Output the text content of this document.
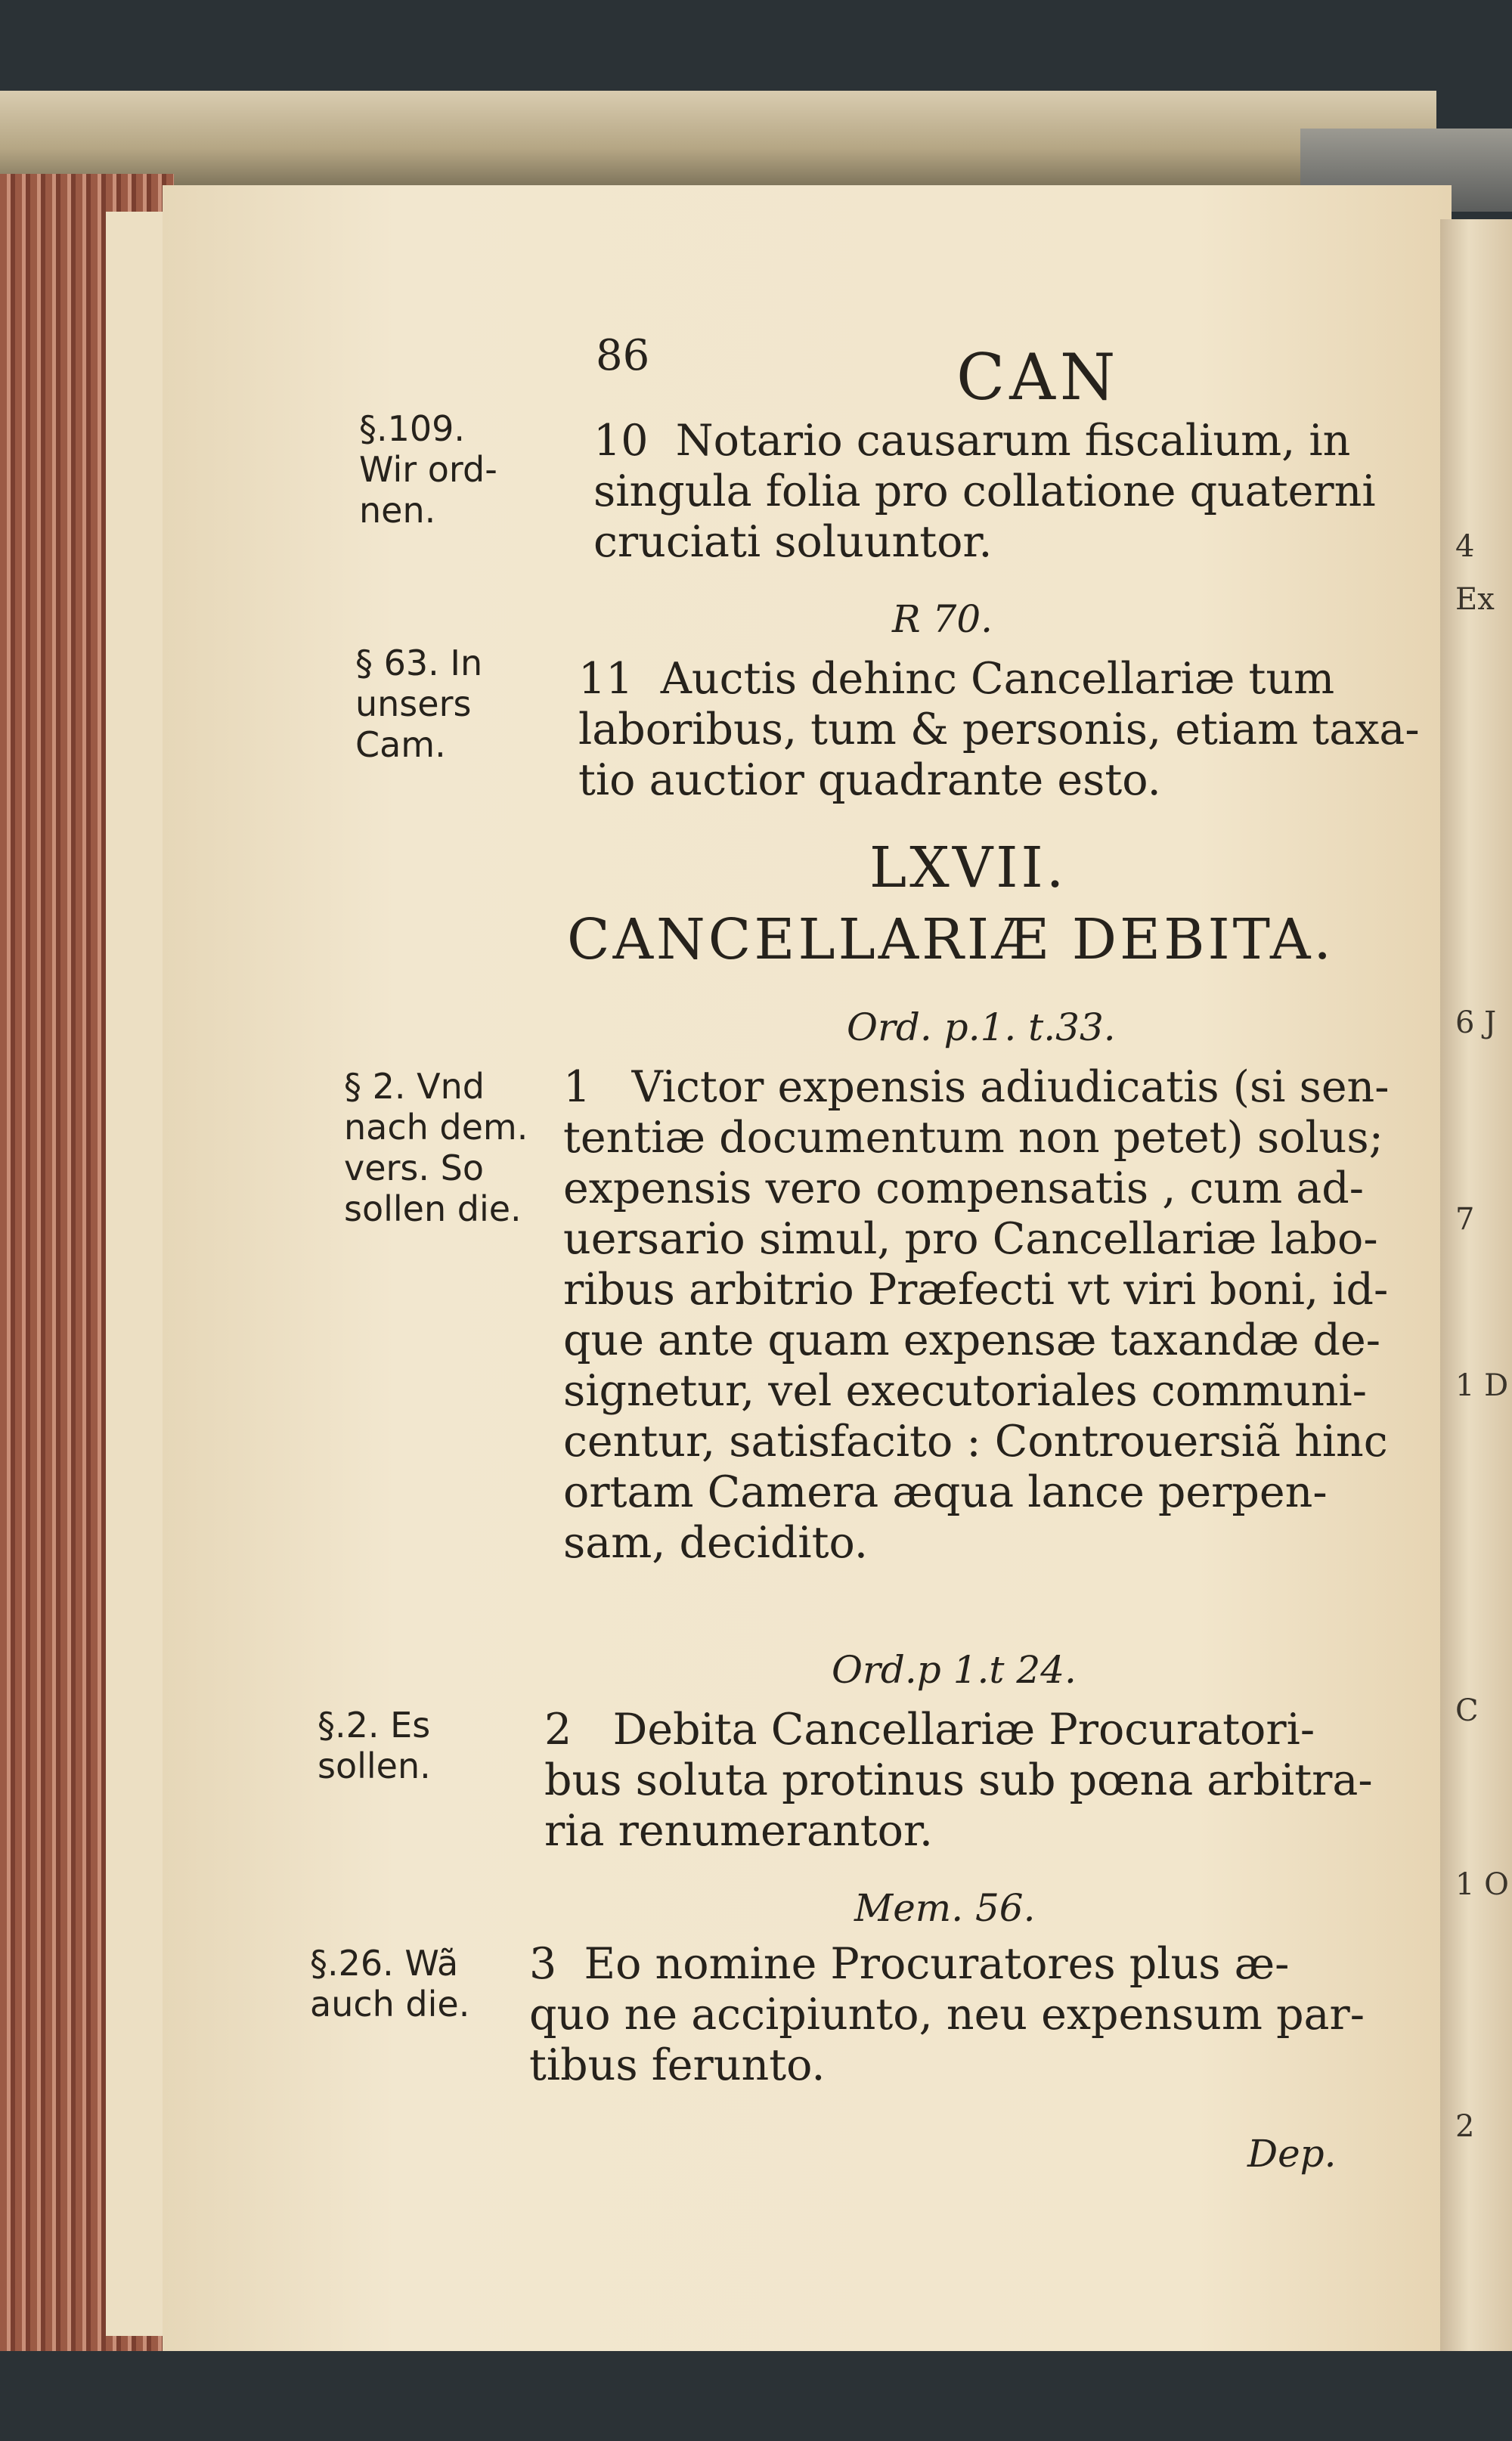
86	CAN
§.109.
Wir ord-
nen.
10  Notario causarum fiscalium, in
singula folia pro collatione quaterni
cruciati soluuntor.
R 70.
§ 63. In
unsers
Cam.
11  Auctis dehinc Cancellariæ tum
laboribus, tum & personis, etiam taxa-
tio auctior quadrante esto.
LXVII.
CANCELLARIÆ DEBITA.
Ord. p.1. t.33.
§ 2. Vnd
nach dem.
vers. So
sollen die.
1   Victor expensis adiudicatis (si sen-
tentiæ documentum non petet) solus;
expensis vero compensatis , cum ad-
uersario simul, pro Cancellariæ labo-
ribus arbitrio Præfecti vt viri boni, id-
que ante quam expensæ taxandæ de-
signetur, vel executoriales communi-
centur, satisfacito : Controuersiã hinc
ortam Camera æqua lance perpen-
sam, decidito.
Ord.p 1.t 24.
§.2. Es
sollen.
2   Debita Cancellariæ Procuratori-
bus soluta protinus sub pœna arbitra-
ria renumerantor.
Mem. 56.
§.26. Wã
auch die.
3  Eo nomine Procuratores plus æ-
quo ne accipiunto, neu expensum par-
tibus ferunto.
Dep.
4
Ex
6 J
7
1 D
C
1 O
2
